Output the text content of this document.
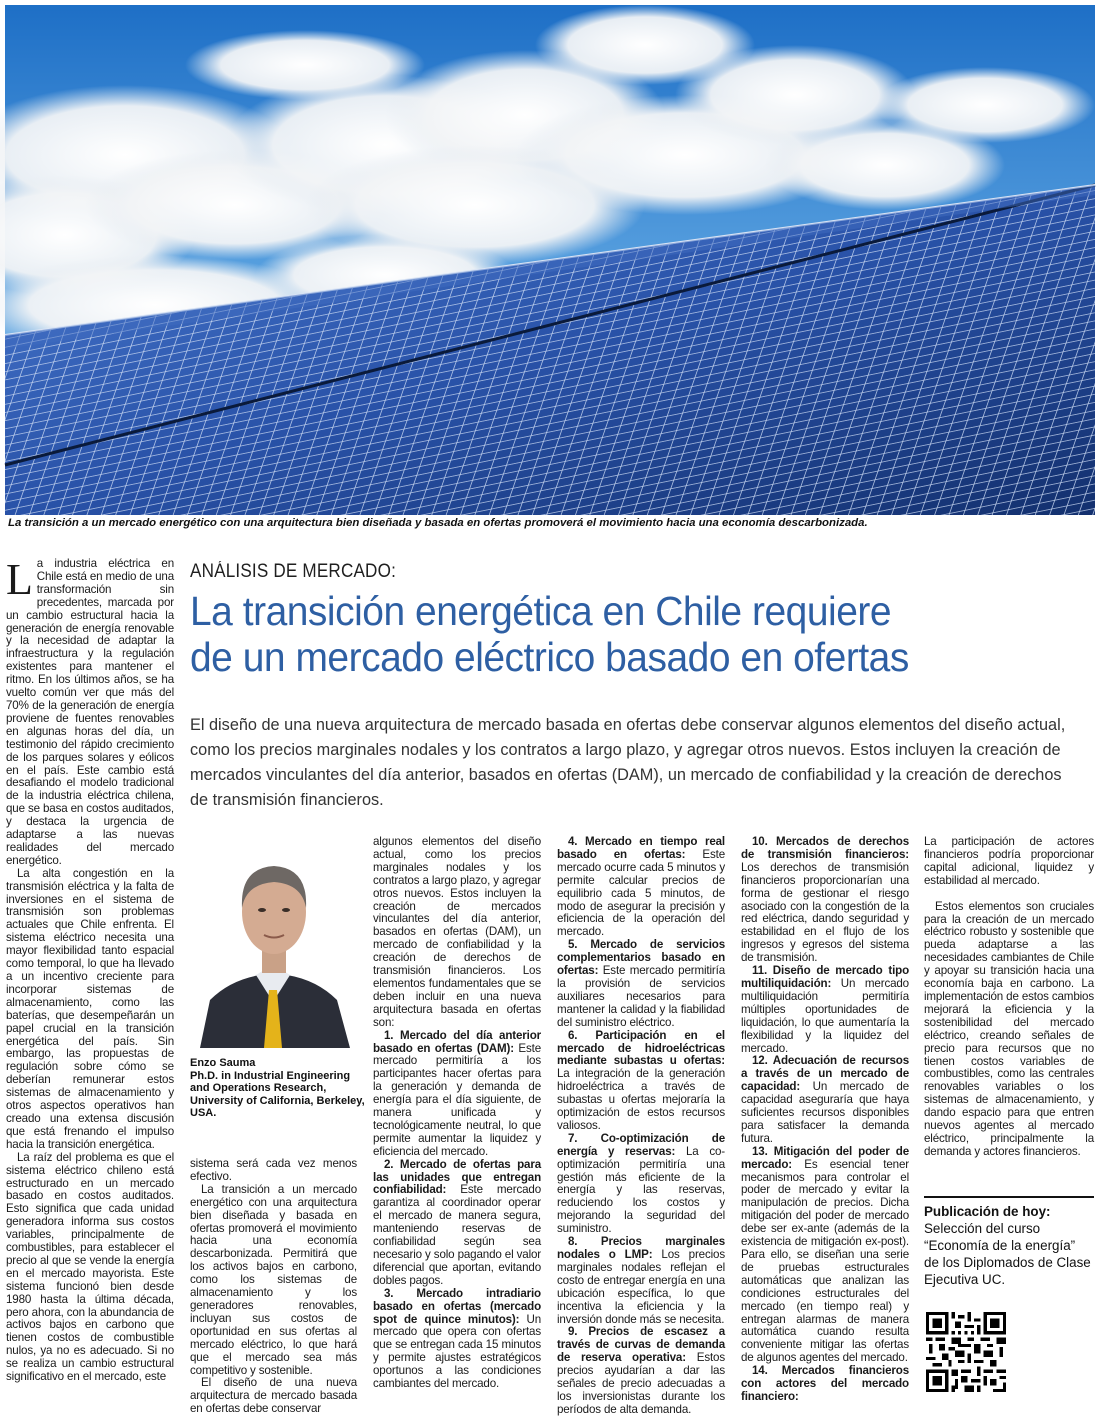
La transición a un mercado energético con una arquitectura bien diseñada y basada en ofertas promoverá el movimiento hacia una economía descarbonizada.

La industria eléctrica en Chile está en medio de una transformación sin precedentes, marcada por un cambio estructural hacia la generación de energía renovable y la necesidad de adaptar la infraestructura y la regulación existentes para mantener el ritmo. En los últimos años, se ha vuelto común ver que más del 70% de la generación de energía proviene de fuentes renovables en algunas horas del día, un testimonio del rápido crecimiento de los parques solares y eólicos en el país. Este cambio está desafiando el modelo tradicional de la industria eléctrica chilena, que se basa en costos auditados, y destaca la urgencia de adaptarse a las nuevas realidades del mercado energético.

La alta congestión en la transmisión eléctrica y la falta de inversiones en el sistema de transmisión son problemas actuales que Chile enfrenta. El sistema eléctrico necesita una mayor flexibilidad tanto espacial como temporal, lo que ha llevado a un incentivo creciente para incorporar sistemas de almacenamiento, como las baterías, que desempeñarán un papel crucial en la transición energética del país. Sin embargo, las propuestas de regulación sobre cómo se deberían remunerar estos sistemas de almacenamiento y otros aspectos operativos han creado una extensa discusión que está frenando el impulso hacia la transición energética.

La raíz del problema es que el sistema eléctrico chileno está estructurado en un mercado basado en costos auditados. Esto significa que cada unidad generadora informa sus costos variables, principalmente de combustibles, para establecer el precio al que se vende la energía en el mercado mayorista. Este sistema funcionó bien desde 1980 hasta la última década, pero ahora, con la abundancia de activos bajos en carbono que tienen costos de combustible nulos, ya no es adecuado. Si no se realiza un cambio estructural significativo en el mercado, este

ANÁLISIS DE MERCADO:
La transición energética en Chile requiere
de un mercado eléctrico basado en ofertas

El diseño de una nueva arquitectura de mercado basada en ofertas debe conservar algunos elementos del diseño actual, como los precios marginales nodales y los contratos a largo plazo, y agregar otros nuevos. Estos incluyen la creación de mercados vinculantes del día anterior, basados en ofertas (DAM), un mercado de confiabilidad y la creación de derechos de transmisión financieros.

Enzo Sauma
Ph.D. in Industrial Engineering
and Operations Research,
University of California, Berkeley,
USA.

sistema será cada vez menos efectivo.

La transición a un mercado energético con una arquitectura bien diseñada y basada en ofertas promoverá el movimiento hacia una economía descarbonizada. Permitirá que los activos bajos en carbono, como los sistemas de almacenamiento y los generadores renovables, incluyan sus costos de oportunidad en sus ofertas al mercado eléctrico, lo que hará que el mercado sea más competitivo y sostenible.

El diseño de una nueva arquitectura de mercado basada en ofertas debe conservar

algunos elementos del diseño actual, como los precios marginales nodales y los contratos a largo plazo, y agregar otros nuevos. Estos incluyen la creación de mercados vinculantes del día anterior, basados en ofertas (DAM), un mercado de confiabilidad y la creación de derechos de transmisión financieros. Los elementos fundamentales que se deben incluir en una nueva arquitectura basada en ofertas son:

1. Mercado del día anterior basado en ofertas (DAM): Este mercado permitiría a los participantes hacer ofertas para la generación y demanda de energía para el día siguiente, de manera unificada y tecnológicamente neutral, lo que permite aumentar la liquidez y eficiencia del mercado.

2. Mercado de ofertas para las unidades que entregan confiabilidad: Este mercado garantiza al coordinador operar el mercado de manera segura, manteniendo reservas de confiabilidad según sea necesario y solo pagando el valor diferencial que aportan, evitando dobles pagos.

3. Mercado intradiario basado en ofertas (mercado spot de quince minutos): Un mercado que opera con ofertas que se entregan cada 15 minutos y permite ajustes estratégicos oportunos a las condiciones cambiantes del mercado.

4. Mercado en tiempo real basado en ofertas: Este mercado ocurre cada 5 minutos y permite calcular precios de equilibrio cada 5 minutos, de modo de asegurar la precisión y eficiencia de la operación del mercado.

5. Mercado de servicios complementarios basado en ofertas: Este mercado permitiría la provisión de servicios auxiliares necesarios para mantener la calidad y la fiabilidad del suministro eléctrico.

6. Participación en el mercado de hidroeléctricas mediante subastas u ofertas: La integración de la generación hidroeléctrica a través de subastas u ofertas mejoraría la optimización de estos recursos valiosos.

7. Co-optimización de energía y reservas: La co-optimización permitiría una gestión más eficiente de la energía y las reservas, reduciendo los costos y mejorando la seguridad del suministro.

8. Precios marginales nodales o LMP: Los precios marginales nodales reflejan el costo de entregar energía en una ubicación específica, lo que incentiva la eficiencia y la inversión donde más se necesita.

9. Precios de escasez a través de curvas de demanda de reserva operativa: Estos precios ayudarían a dar las señales de precio adecuadas a los inversionistas durante los períodos de alta demanda.

10. Mercados de derechos de transmisión financieros: Los derechos de transmisión financieros proporcionarían una forma de gestionar el riesgo asociado con la congestión de la red eléctrica, dando seguridad y estabilidad en el flujo de los ingresos y egresos del sistema de transmisión.

11. Diseño de mercado tipo multiliquidación: Un mercado multiliquidación permitiría múltiples oportunidades de liquidación, lo que aumentaría la flexibilidad y la liquidez del mercado.

12. Adecuación de recursos a través de un mercado de capacidad: Un mercado de capacidad aseguraría que haya suficientes recursos disponibles para satisfacer la demanda futura.

13. Mitigación del poder de mercado: Es esencial tener mecanismos para controlar el poder de mercado y evitar la manipulación de precios. Dicha mitigación del poder de mercado debe ser ex-ante (además de la existencia de mitigación ex-post). Para ello, se diseñan una serie de pruebas estructurales automáticas que analizan las condiciones estructurales del mercado (en tiempo real) y entregan alarmas de manera automática cuando resulta conveniente mitigar las ofertas de algunos agentes del mercado.

14. Mercados financieros con actores del mercado financiero:

La participación de actores financieros podría proporcionar capital adicional, liquidez y estabilidad al mercado.

Estos elementos son cruciales para la creación de un mercado eléctrico robusto y sostenible que pueda adaptarse a las necesidades cambiantes de Chile y apoyar su transición hacia una economía baja en carbono. La implementación de estos cambios mejorará la eficiencia y la sostenibilidad del mercado eléctrico, creando señales de precio para recursos que no tienen costos variables de combustibles, como las centrales renovables variables o los sistemas de almacenamiento, y dando espacio para que entren nuevos agentes al mercado eléctrico, principalmente la demanda y actores financieros.

Publicación de hoy:
Selección del curso
“Economía de la energía”
de los Diplomados de Clase
Ejecutiva UC.
